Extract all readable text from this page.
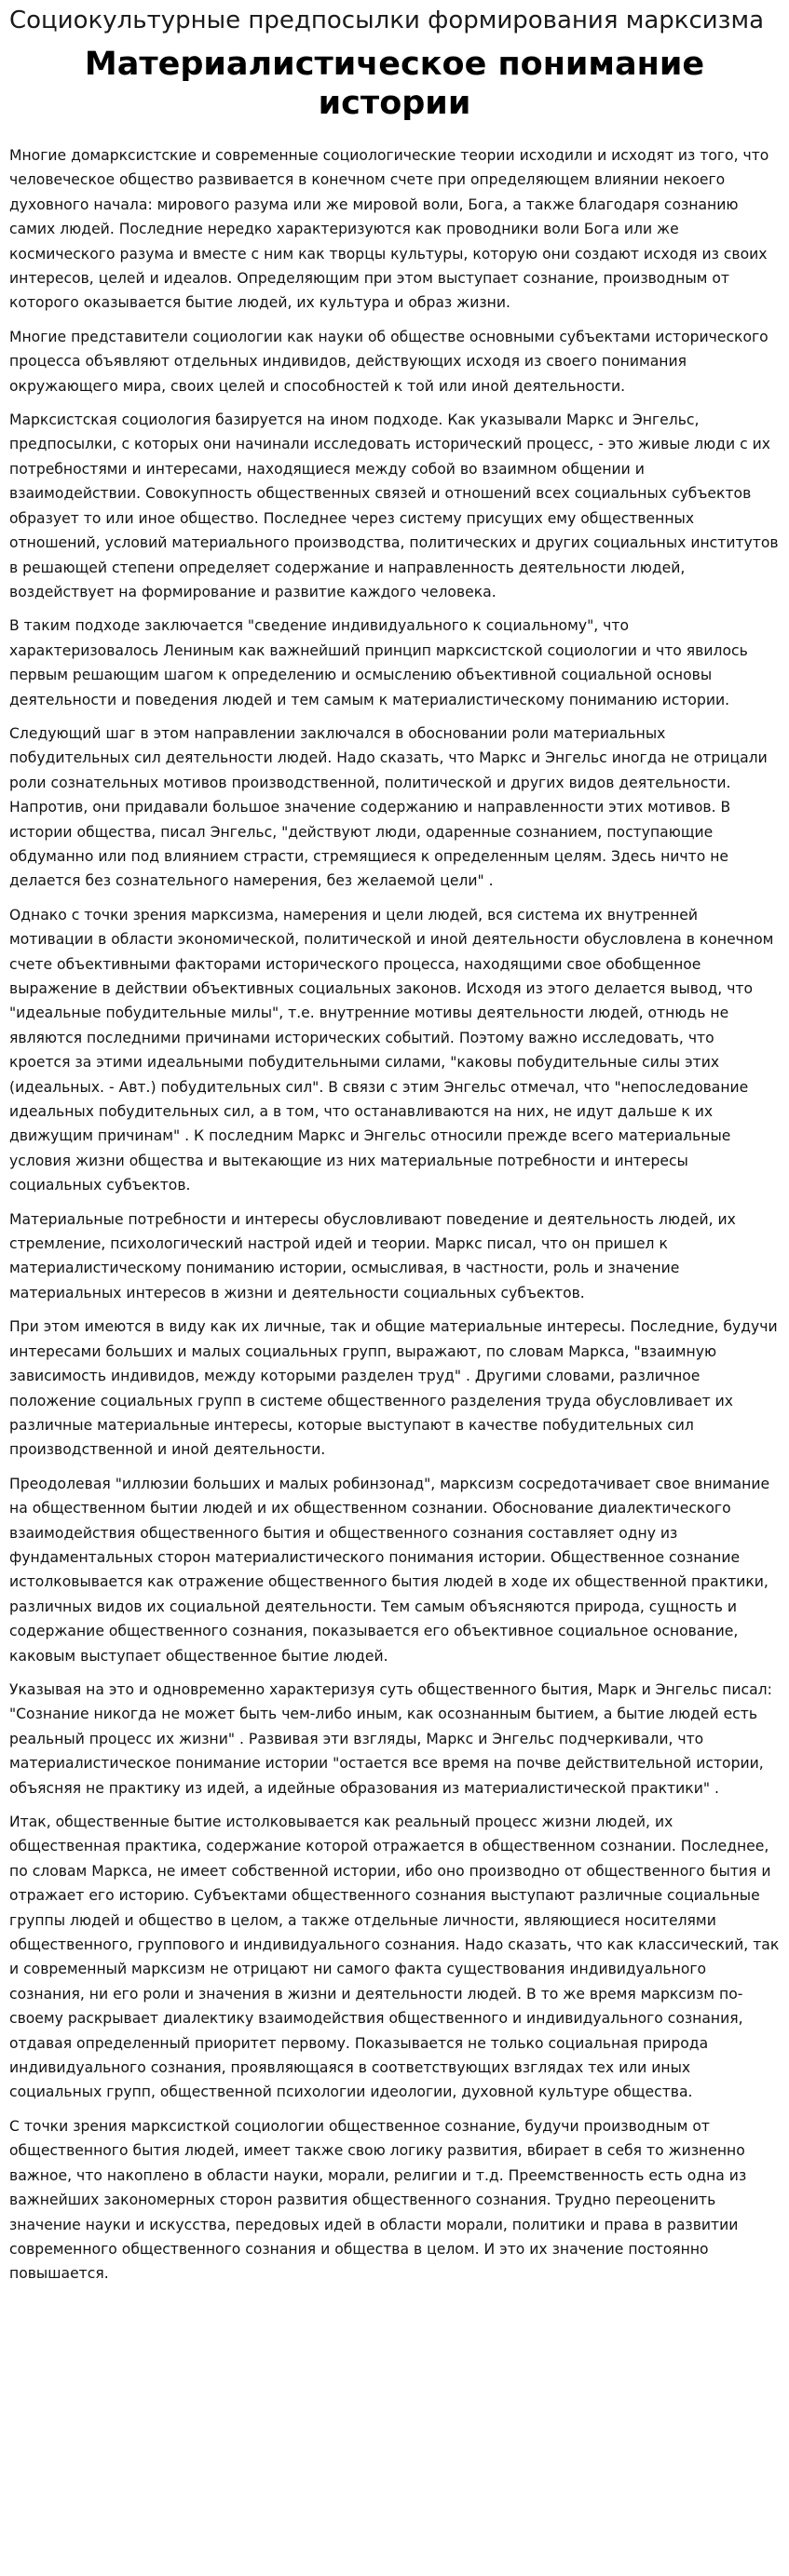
Социокультурные предпосылки формирования марксизма
Материалистическое понимание истории

Многие домарксистские и современные социологические теории исходили и исходят из того, что человеческое общество развивается в конечном счете при определяющем влиянии некоего духовного начала: мирового разума или же мировой воли, Бога, а также благодаря сознанию самих людей. Последние нередко характеризуются как проводники воли Бога или же космического разума и вместе с ним как творцы культуры, которую они создают исходя из своих интересов, целей и идеалов. Определяющим при этом выступает сознание, производным от которого оказывается бытие людей, их культура и образ жизни.

Многие представители социологии как науки об обществе основными субъектами исторического процесса объявляют отдельных индивидов, действующих исходя из своего понимания окружающего мира, своих целей и способностей к той или иной деятельности.

Марксистская социология базируется на ином подходе. Как указывали Маркс и Энгельс, предпосылки, с которых они начинали исследовать исторический процесс, - это живые люди с их потребностями и интересами, находящиеся между собой во взаимном общении и взаимодействии. Совокупность общественных связей и отношений всех социальных субъектов образует то или иное общество. Последнее через систему присущих ему общественных отношений, условий материального производства, политических и других социальных институтов в решающей степени определяет содержание и направленность деятельности людей, воздействует на формирование и развитие каждого человека.

В таким подходе заключается "сведение индивидуального к социальному", что характеризовалось Лениным как важнейший принцип марксистской социологии и что явилось первым решающим шагом к определению и осмыслению объективной социальной основы деятельности и поведения людей и тем самым к материалистическому пониманию истории.

Следующий шаг в этом направлении заключался в обосновании роли материальных побудительных сил деятельности людей. Надо сказать, что Маркс и Энгельс иногда не отрицали роли сознательных мотивов производственной, политической и других видов деятельности. Напротив, они придавали большое значение содержанию и направленности этих мотивов. В истории общества, писал Энгельс, "действуют люди, одаренные сознанием, поступающие обдуманно или под влиянием страсти, стремящиеся к определенным целям. Здесь ничто не делается без сознательного намерения, без желаемой цели" .

Однако с точки зрения марксизма, намерения и цели людей, вся система их внутренней мотивации в области экономической, политической и иной деятельности обусловлена в конечном счете объективными факторами исторического процесса, находящими свое обобщенное выражение в действии объективных социальных законов. Исходя из этого делается вывод, что "идеальные побудительные милы", т.е. внутренние мотивы деятельности людей, отнюдь не являются последними причинами исторических событий. Поэтому важно исследовать, что кроется за этими идеальными побудительными силами, "каковы побудительные силы этих (идеальных. - Авт.) побудительных сил". В связи с этим Энгельс отмечал, что "непоследование идеальных побудительных сил, а в том, что останавливаются на них, не идут дальше к их движущим причинам" . К последним Маркс и Энгельс относили прежде всего материальные условия жизни общества и вытекающие из них материальные потребности и интересы социальных субъектов.

Материальные потребности и интересы обусловливают поведение и деятельность людей, их стремление, психологический настрой идей и теории. Маркс писал, что он пришел к материалистическому пониманию истории, осмысливая, в частности, роль и значение материальных интересов в жизни и деятельности социальных субъектов.

При этом имеются в виду как их личные, так и общие материальные интересы. Последние, будучи интересами больших и малых социальных групп, выражают, по словам Маркса, "взаимную зависимость индивидов, между которыми разделен труд" . Другими словами, различное положение социальных групп в системе общественного разделения труда обусловливает их различные материальные интересы, которые выступают в качестве побудительных сил производственной и иной деятельности.

Преодолевая "иллюзии больших и малых робинзонад", марксизм сосредотачивает свое внимание на общественном бытии людей и их общественном сознании. Обоснование диалектического взаимодействия общественного бытия и общественного сознания составляет одну из фундаментальных сторон материалистического понимания истории. Общественное сознание истолковывается как отражение общественного бытия людей в ходе их общественной практики, различных видов их социальной деятельности. Тем самым объясняются природа, сущность и содержание общественного сознания, показывается его объективное социальное основание, каковым выступает общественное бытие людей.

Указывая на это и одновременно характеризуя суть общественного бытия, Марк и Энгельс писал: "Сознание никогда не может быть чем-либо иным, как осознанным бытием, а бытие людей есть реальный процесс их жизни" . Развивая эти взгляды, Маркс и Энгельс подчеркивали, что материалистическое понимание истории "остается все время на почве действительной истории, объясняя не практику из идей, а идейные образования из материалистической практики" .

Итак, общественные бытие истолковывается как реальный процесс жизни людей, их общественная практика, содержание которой отражается в общественном сознании. Последнее, по словам Маркса, не имеет собственной истории, ибо оно производно от общественного бытия и отражает его историю. Субъектами общественного сознания выступают различные социальные группы людей и общество в целом, а также отдельные личности, являющиеся носителями общественного, группового и индивидуального сознания. Надо сказать, что как классический, так и современный марксизм не отрицают ни самого факта существования индивидуального сознания, ни его роли и значения в жизни и деятельности людей. В то же время марксизм по-своему раскрывает диалектику взаимодействия общественного и индивидуального сознания, отдавая определенный приоритет первому. Показывается не только социальная природа индивидуального сознания, проявляющаяся в соответствующих взглядах тех или иных социальных групп, общественной психологии идеологии, духовной культуре общества.

С точки зрения марксисткой социологии общественное сознание, будучи производным от общественного бытия людей, имеет также свою логику развития, вбирает в себя то жизненно важное, что накоплено в области науки, морали, религии и т.д. Преемственность есть одна из важнейших закономерных сторон развития общественного сознания. Трудно переоценить значение науки и искусства, передовых идей в области морали, политики и права в развитии современного общественного сознания и общества в целом. И это их значение постоянно повышается.
